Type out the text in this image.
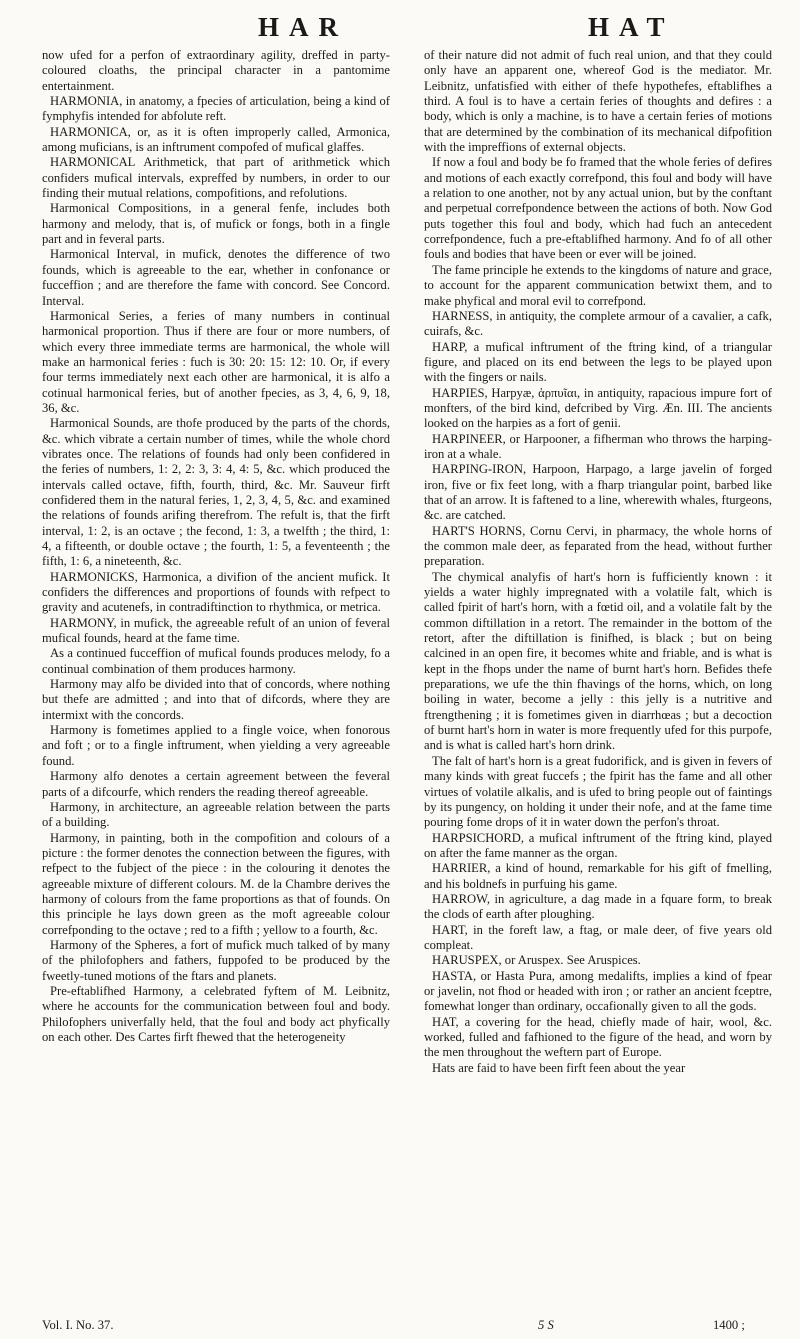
HAR	HAT

now ufed for a perfon of extraordinary agility, dreffed in party-coloured cloaths, the principal character in a pantomime entertainment.

HARMONIA, in anatomy, a fpecies of articulation, being a kind of fymphyfis intended for abfolute reft.

HARMONICA, or, as it is often improperly called, Armonica, among muficians, is an inftrument compofed of mufical glaffes.

HARMONICAL Arithmetick, that part of arithmetick which confiders mufical intervals, expreffed by numbers, in order to our finding their mutual relations, compofitions, and refolutions.

Harmonical Compositions, in a general fenfe, includes both harmony and melody, that is, of mufick or fongs, both in a fingle part and in feveral parts.

Harmonical Interval, in mufick, denotes the difference of two founds, which is agreeable to the ear, whether in confonance or fucceffion ; and are therefore the fame with concord. See Concord. Interval.

Harmonical Series, a feries of many numbers in continual harmonical proportion. Thus if there are four or more numbers, of which every three immediate terms are harmonical, the whole will make an harmonical feries : fuch is 30: 20: 15: 12: 10. Or, if every four terms immediately next each other are harmonical, it is alfo a cotinual harmonical feries, but of another fpecies, as 3, 4, 6, 9, 18, 36, &c.

Harmonical Sounds, are thofe produced by the parts of the chords, &c. which vibrate a certain number of times, while the whole chord vibrates once. The relations of founds had only been confidered in the feries of numbers, 1: 2, 2: 3, 3: 4, 4: 5, &c. which produced the intervals called octave, fifth, fourth, third, &c. Mr. Sauveur firft confidered them in the natural feries, 1, 2, 3, 4, 5, &c. and examined the relations of founds arifing therefrom. The refult is, that the firft interval, 1: 2, is an octave ; the fecond, 1: 3, a twelfth ; the third, 1: 4, a fifteenth, or double octave ; the fourth, 1: 5, a feventeenth ; the fifth, 1: 6, a nineteenth, &c.

HARMONICKS, Harmonica, a divifion of the ancient mufick. It confiders the differences and proportions of founds with refpect to gravity and acutenefs, in contradiftinction to rhythmica, or metrica.

HARMONY, in mufick, the agreeable refult of an union of feveral mufical founds, heard at the fame time.

As a continued fucceffion of mufical founds produces melody, fo a continual combination of them produces harmony.

Harmony may alfo be divided into that of concords, where nothing but thefe are admitted ; and into that of difcords, where they are intermixt with the concords.

Harmony is fometimes applied to a fingle voice, when fonorous and foft ; or to a fingle inftrument, when yielding a very agreeable found.

Harmony alfo denotes a certain agreement between the feveral parts of a difcourfe, which renders the reading thereof agreeable.

Harmony, in architecture, an agreeable relation between the parts of a building.

Harmony, in painting, both in the compofition and colours of a picture : the former denotes the connection between the figures, with refpect to the fubject of the piece : in the colouring it denotes the agreeable mixture of different colours. M. de la Chambre derives the harmony of colours from the fame proportions as that of founds. On this principle he lays down green as the moft agreeable colour correfponding to the octave ; red to a fifth ; yellow to a fourth, &c.

Harmony of the Spheres, a fort of mufick much talked of by many of the philofophers and fathers, fuppofed to be produced by the fweetly-tuned motions of the ftars and planets.

Pre-eftablifhed Harmony, a celebrated fyftem of M. Leibnitz, where he accounts for the communication between foul and body. Philofophers univerfally held, that the foul and body act phyfically on each other. Des Cartes firft fhewed that the heterogeneity

of their nature did not admit of fuch real union, and that they could only have an apparent one, whereof God is the mediator. Mr. Leibnitz, unfatisfied with either of thefe hypothefes, eftablifhes a third. A foul is to have a certain feries of thoughts and defires : a body, which is only a machine, is to have a certain feries of motions that are determined by the combination of its mechanical difpofition with the impreffions of external objects.

If now a foul and body be fo framed that the whole feries of defires and motions of each exactly correfpond, this foul and body will have a relation to one another, not by any actual union, but by the conftant and perpetual correfpondence between the actions of both. Now God puts together this foul and body, which had fuch an antecedent correfpondence, fuch a pre-eftablifhed harmony. And fo of all other fouls and bodies that have been or ever will be joined.

The fame principle he extends to the kingdoms of nature and grace, to account for the apparent communication betwixt them, and to make phyfical and moral evil to correfpond.

HARNESS, in antiquity, the complete armour of a cavalier, a cafk, cuirafs, &c.

HARP, a mufical inftrument of the ftring kind, of a triangular figure, and placed on its end between the legs to be played upon with the fingers or nails.

HARPIES, Harpyæ, ἁρπυῖαι, in antiquity, rapacious impure fort of monfters, of the bird kind, defcribed by Virg. Æn. III. The ancients looked on the harpies as a fort of genii.

HARPINEER, or Harpooner, a fifherman who throws the harping-iron at a whale.

HARPING-IRON, Harpoon, Harpago, a large javelin of forged iron, five or fix feet long, with a fharp triangular point, barbed like that of an arrow. It is faftened to a line, wherewith whales, fturgeons, &c. are catched.

HART'S HORNS, Cornu Cervi, in pharmacy, the whole horns of the common male deer, as feparated from the head, without further preparation.

The chymical analyfis of hart's horn is fufficiently known : it yields a water highly impregnated with a volatile falt, which is called fpirit of hart's horn, with a fœtid oil, and a volatile falt by the common diftillation in a retort. The remainder in the bottom of the retort, after the diftillation is finifhed, is black ; but on being calcined in an open fire, it becomes white and friable, and is what is kept in the fhops under the name of burnt hart's horn. Befides thefe preparations, we ufe the thin fhavings of the horns, which, on long boiling in water, become a jelly : this jelly is a nutritive and ftrengthening ; it is fometimes given in diarrhœas ; but a decoction of burnt hart's horn in water is more frequently ufed for this purpofe, and is what is called hart's horn drink.

The falt of hart's horn is a great fudorifick, and is given in fevers of many kinds with great fuccefs ; the fpirit has the fame and all other virtues of volatile alkalis, and is ufed to bring people out of faintings by its pungency, on holding it under their nofe, and at the fame time pouring fome drops of it in water down the perfon's throat.

HARPSICHORD, a mufical inftrument of the ftring kind, played on after the fame manner as the organ.

HARRIER, a kind of hound, remarkable for his gift of fmelling, and his boldnefs in purfuing his game.

HARROW, in agriculture, a dag made in a fquare form, to break the clods of earth after ploughing.

HART, in the foreft law, a ftag, or male deer, of five years old compleat.

HARUSPEX, or Aruspex. See Aruspices.

HASTA, or Hasta Pura, among medalifts, implies a kind of fpear or javelin, not fhod or headed with iron ; or rather an ancient fceptre, fomewhat longer than ordinary, occafionally given to all the gods.

HAT, a covering for the head, chiefly made of hair, wool, &c. worked, fulled and fafhioned to the figure of the head, and worn by the men throughout the weftern part of Europe.

Hats are faid to have been firft feen about the year

Vol. I. No. 37.	5 S	1400 ;
